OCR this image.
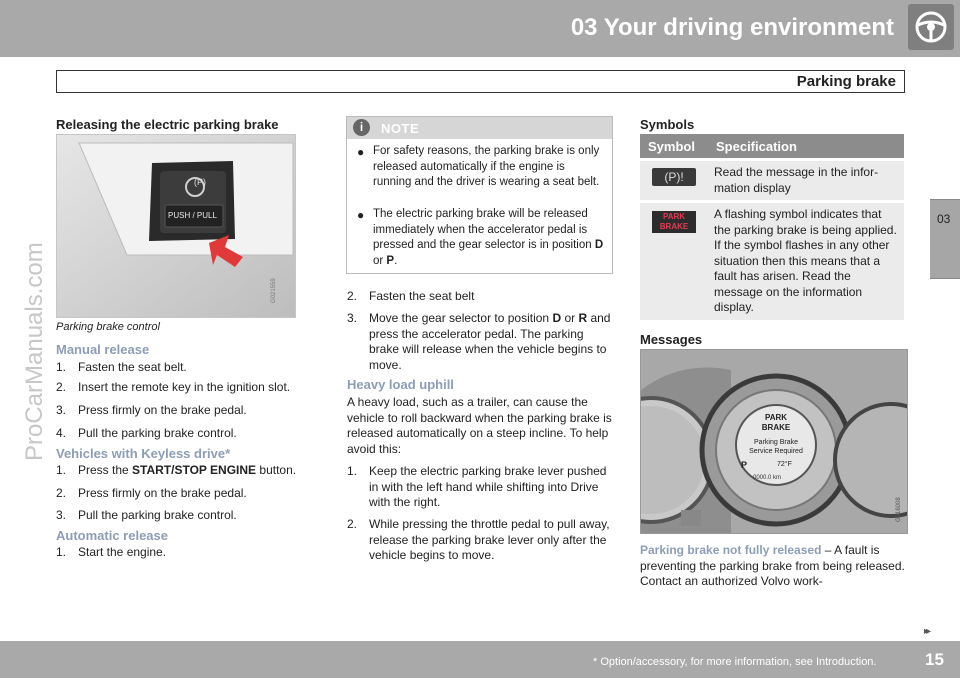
03 Your driving environment
Parking brake
03
ProCarManuals.com
Releasing the electric parking brake
(P)
PUSH / PULL
G021559
Parking brake control
Manual release
1. Fasten the seat belt.
2. Insert the remote key in the ignition slot.
3. Press firmly on the brake pedal.
4. Pull the parking brake control.
Vehicles with Keyless drive*
1. Press the START/STOP ENGINE button.
2. Press firmly on the brake pedal.
3. Pull the parking brake control.
Automatic release
1. Start the engine.
i	NOTE
● For safety reasons, the parking brake is only released automatically if the engine is running and the driver is wearing a seat belt.
● The electric parking brake will be released immediately when the accelerator pedal is pressed and the gear selector is in position D or P.
2. Fasten the seat belt
3. Move the gear selector to position D or R and press the accelerator pedal. The parking brake will release when the vehicle begins to move.
Heavy load uphill
A heavy load, such as a trailer, can cause the vehicle to roll backward when the parking brake is released automatically on a steep incline. To help avoid this:
1. Keep the electric parking brake lever pushed in with the left hand while shifting into Drive with the right.
2. While pressing the throttle pedal to pull away, release the parking brake lever only after the vehicle begins to move.
Symbols
Symbol	Specification
(P)!	Read the message in the information display
PARK BRAKE	A flashing symbol indicates that the parking brake is being applied. If the symbol flashes in any other situation then this means that a fault has arisen. Read the message on the information display.
Messages
PARK
BRAKE
Parking Brake
Service Required
P	72°F
0000.0 km
G016008
Parking brake not fully released – A fault is preventing the parking brake from being released. Contact an authorized Volvo work-
▸▸
* Option/accessory, for more information, see Introduction.	15
